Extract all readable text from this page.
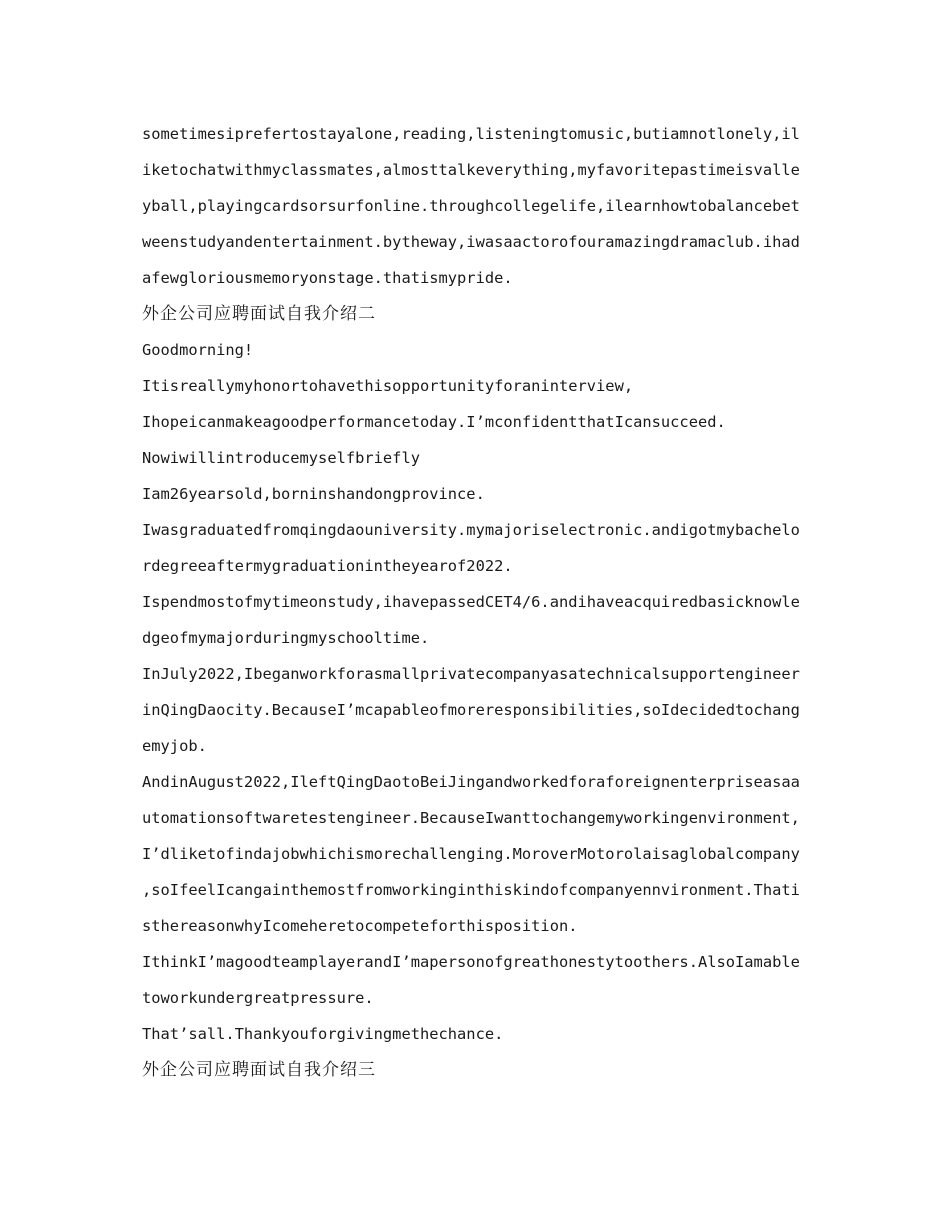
sometimesiprefertostayalone,reading,listeningtomusic,butiamnotlonely,il
iketochatwithmyclassmates,almosttalkeverything,myfavoritepastimeisvalle
yball,playingcardsorsurfonline.throughcollegelife,ilearnhowtobalancebet
weenstudyandentertainment.bytheway,iwasaactorofouramazingdramaclub.ihad
afewgloriousmemoryonstage.thatismypride.
外企公司应聘面试自我介绍二
Goodmorning!
Itisreallymyhonortohavethisopportunityforaninterview,
Ihopeicanmakeagoodperformancetoday.I’mconfidentthatIcansucceed.
Nowiwillintroducemyselfbriefly
Iam26yearsold,borninshandongprovince.
Iwasgraduatedfromqingdaouniversity.mymajoriselectronic.andigotmybachelo
rdegreeaftermygraduationintheyearof2022.
Ispendmostofmytimeonstudy,ihavepassedCET4/6.andihaveacquiredbasicknowle
dgeofmymajorduringmyschooltime.
InJuly2022,Ibeganworkforasmallprivatecompanyasatechnicalsupportengineer
inQingDaocity.BecauseI’mcapableofmoreresponsibilities,soIdecidedtochang
emyjob.
AndinAugust2022,IleftQingDaotoBeiJingandworkedforaforeignenterpriseasaa
utomationsoftwaretestengineer.BecauseIwanttochangemyworkingenvironment,
I’dliketofindajobwhichismorechallenging.MoroverMotorolaisaglobalcompany
,soIfeelIcangainthemostfromworkinginthiskindofcompanyennvironment.Thati
sthereasonwhyIcomeheretocompeteforthisposition.
IthinkI’magoodteamplayerandI’mapersonofgreathonestytoothers.AlsoIamable
toworkundergreatpressure.
That’sall.Thankyouforgivingmethechance.
外企公司应聘面试自我介绍三
